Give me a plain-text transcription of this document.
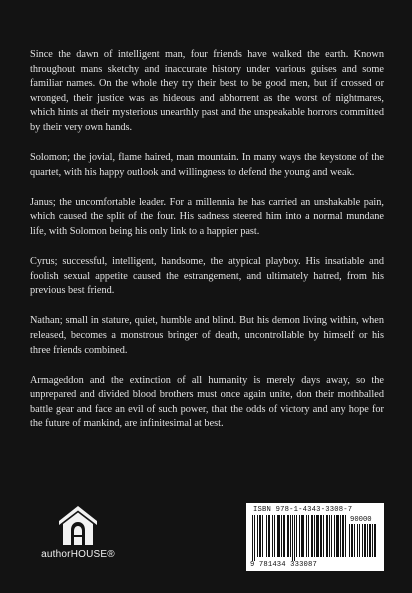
Since the dawn of intelligent man, four friends have walked the earth. Known throughout mans sketchy and inaccurate history under various guises and some familiar names. On the whole they try their best to be good men, but if crossed or wronged, their justice was as hideous and abhorrent as the worst of nightmares, which hints at their mysterious unearthly past and the unspeakable horrors committed by their very own hands.

Solomon; the jovial, flame haired, man mountain. In many ways the keystone of the quartet, with his happy outlook and willingness to defend the young and weak.

Janus; the uncomfortable leader. For a millennia he has carried an unshakable pain, which caused the split of the four. His sadness steered him into a normal mundane life, with Solomon being his only link to a happier past.

Cyrus; successful, intelligent, handsome, the atypical playboy. His insatiable and foolish sexual appetite caused the estrangement, and ultimately hatred, from his previous best friend.

Nathan; small in stature, quiet, humble and blind. But his demon living within, when released, becomes a monstrous bringer of death, uncontrollable by himself or his three friends combined.

Armageddon and the extinction of all humanity is merely days away, so the unprepared and divided blood brothers must once again unite, don their mothballed battle gear and face an evil of such power, that the odds of victory and any hope for the future of mankind, are infinitesimal at best.

authorHOUSE®
ISBN 978-1-4343-3308-7
90000
9 781434 333087
